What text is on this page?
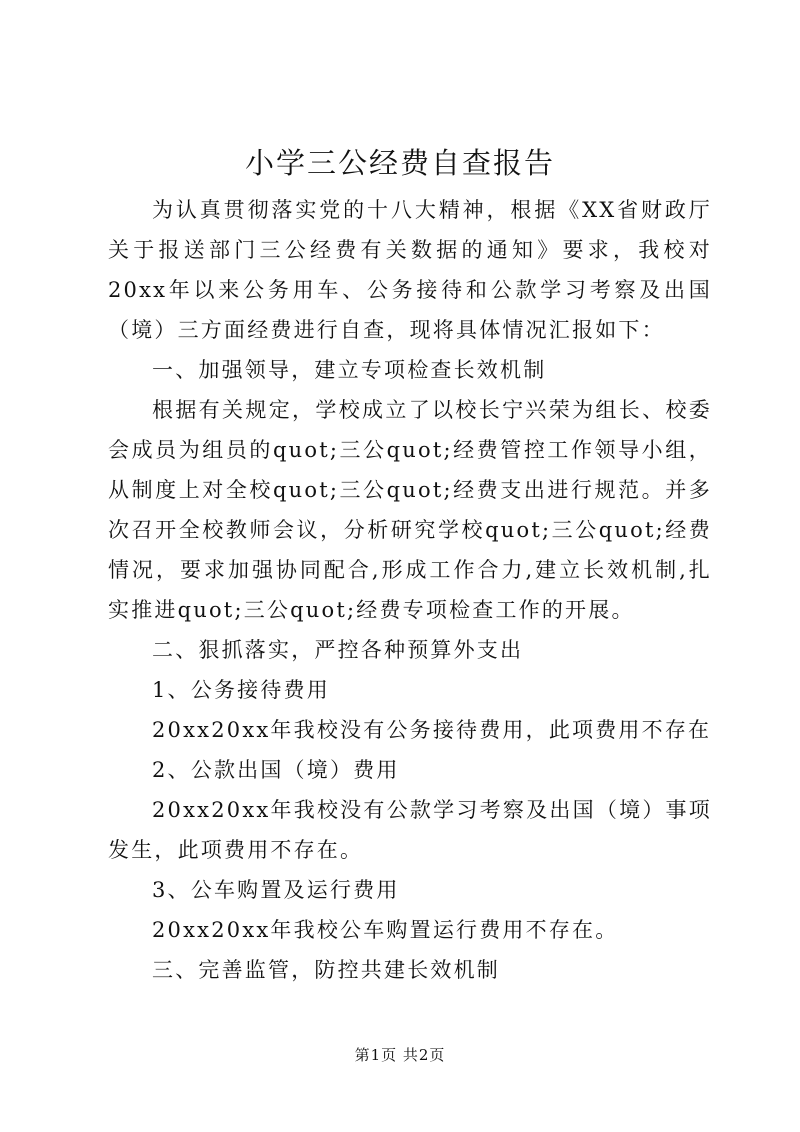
小学三公经费自查报告

为认真贯彻落实党的十八大精神，根据《XX省财政厅关于报送部门三公经费有关数据的通知》要求，我校对20xx年以来公务用车、公务接待和公款学习考察及出国（境）三方面经费进行自查，现将具体情况汇报如下：

一、加强领导，建立专项检查长效机制

根据有关规定，学校成立了以校长宁兴荣为组长、校委会成员为组员的quot;三公quot;经费管控工作领导小组，从制度上对全校quot;三公quot;经费支出进行规范。并多次召开全校教师会议，分析研究学校quot;三公quot;经费情况，要求加强协同配合,形成工作合力,建立长效机制,扎实推进quot;三公quot;经费专项检查工作的开展。

二、狠抓落实，严控各种预算外支出

1、公务接待费用

20xx20xx年我校没有公务接待费用，此项费用不存在

2、公款出国（境）费用

20xx20xx年我校没有公款学习考察及出国（境）事项发生，此项费用不存在。

3、公车购置及运行费用

20xx20xx年我校公车购置运行费用不存在。

三、完善监管，防控共建长效机制

第1页 共2页
